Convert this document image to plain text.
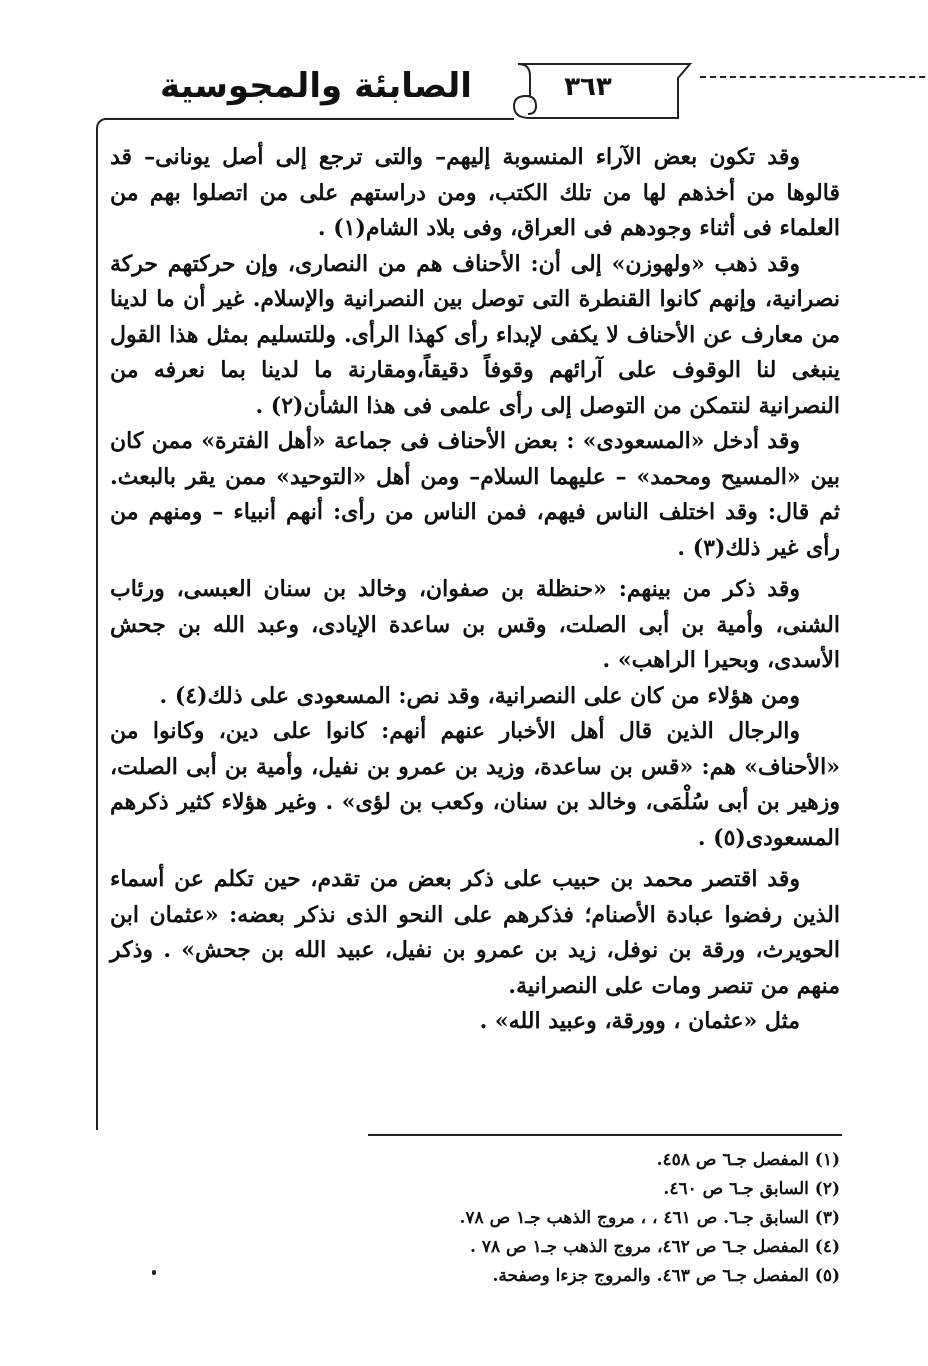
الصابئة والمجوسية	٣٦٣

وقد تكون بعض الآراء المنسوبة إليهم– والتى ترجع إلى أصل يونانى– قد قالوها من أخذهم لها من تلك الكتب، ومن دراستهم على من اتصلوا بهم من العلماء فى أثناء وجودهم فى العراق، وفى بلاد الشام(١) .

وقد ذهب «ولهوزن» إلى أن: الأحناف هم من النصارى، وإن حركتهم حركة نصرانية، وإنهم كانوا القنطرة التى توصل بين النصرانية والإسلام. غير أن ما لدينا من معارف عن الأحناف لا يكفى لإبداء رأى كهذا الرأى. وللتسليم بمثل هذا القول ينبغى لنا الوقوف على آرائهم وقوفاً دقيقاً،ومقارنة ما لدينا بما نعرفه من النصرانية لنتمكن من التوصل إلى رأى علمى فى هذا الشأن(٢) .

وقد أدخل «المسعودى» : بعض الأحناف فى جماعة «أهل الفترة» ممن كان بين «المسيح ومحمد» – عليهما السلام– ومن أهل «التوحيد» ممن يقر بالبعث. ثم قال: وقد اختلف الناس فيهم، فمن الناس من رأى: أنهم أنبياء – ومنهم من رأى غير ذلك(٣) .

وقد ذكر من بينهم: «حنظلة بن صفوان، وخالد بن سنان العبسى، ورئاب الشنى، وأمية بن أبى الصلت، وقس بن ساعدة الإيادى، وعبد الله بن جحش الأسدى، وبحيرا الراهب» .

ومن هؤلاء من كان على النصرانية، وقد نص: المسعودى على ذلك(٤) .

والرجال الذين قال أهل الأخبار عنهم أنهم: كانوا على دين، وكانوا من «الأحناف» هم: «قس بن ساعدة، وزيد بن عمرو بن نفيل، وأمية بن أبى الصلت، وزهير بن أبى سُلْمَى، وخالد بن سنان، وكعب بن لؤى» . وغير هؤلاء كثير ذكرهم المسعودى(٥) .

وقد اقتصر محمد بن حبيب على ذكر بعض من تقدم، حين تكلم عن أسماء الذين رفضوا عبادة الأصنام؛ فذكرهم على النحو الذى نذكر بعضه: «عثمان ابن الحويرث، ورقة بن نوفل، زيد بن عمرو بن نفيل، عبيد الله بن جحش» . وذكر منهم من تنصر ومات على النصرانية.

مثل «عثمان ، وورقة، وعبيد الله» .

(١) المفصل جـ٦ ص ٤٥٨.
(٢) السابق جـ٦ ص ٤٦٠.
(٣) السابق جـ٦. ص ٤٦١ ، ، مروج الذهب جـ١ ص ٧٨.
(٤) المفصل جـ٦ ص ٤٦٢، مروج الذهب جـ١ ص ٧٨ .
(٥) المفصل جـ٦ ص ٤٦٣. والمروج جزءا وصفحة.
